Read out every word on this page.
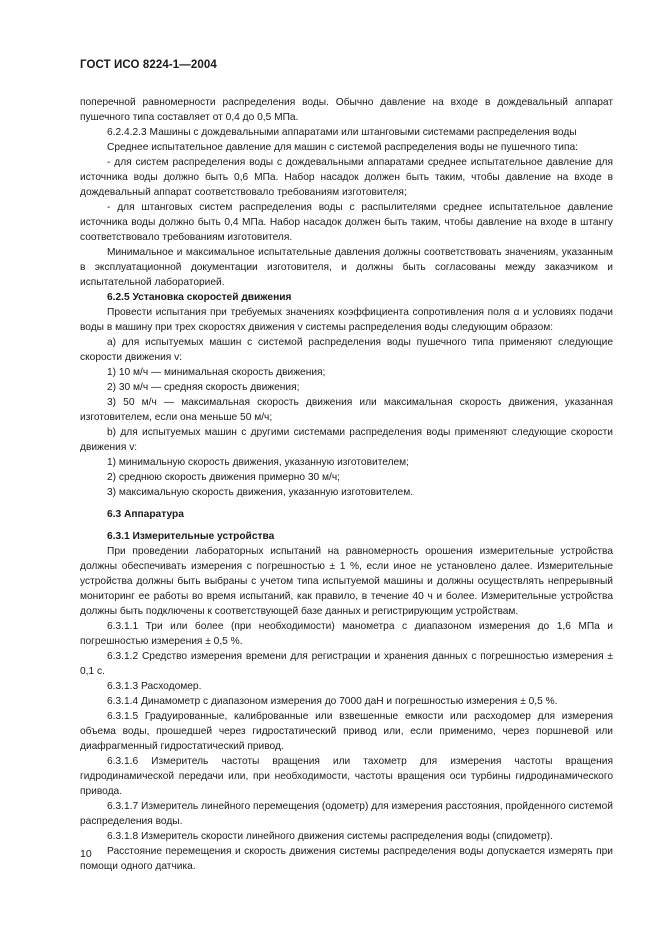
ГОСТ ИСО 8224-1—2004

поперечной равномерности распределения воды. Обычно давление на входе в дождевальный аппарат пушечного типа составляет от 0,4 до 0,5 МПа.

6.2.4.2.3 Машины с дождевальными аппаратами или штанговыми системами распределения воды

Среднее испытательное давление для машин с системой распределения воды не пушечного типа:

- для систем распределения воды с дождевальными аппаратами среднее испытательное давление для источника воды должно быть 0,6 МПа. Набор насадок должен быть таким, чтобы давление на входе в дождевальный аппарат соответствовало требованиям изготовителя;

- для штанговых систем распределения воды с распылителями среднее испытательное давление источника воды должно быть 0,4 МПа. Набор насадок должен быть таким, чтобы давление на входе в штангу соответствовало требованиям изготовителя.

Минимальное и максимальное испытательные давления должны соответствовать значениям, указанным в эксплуатационной документации изготовителя, и должны быть согласованы между заказчиком и испытательной лабораторией.

6.2.5 Установка скоростей движения

Провести испытания при требуемых значениях коэффициента сопротивления поля α и условиях подачи воды в машину при трех скоростях движения v системы распределения воды следующим образом:

a) для испытуемых машин с системой распределения воды пушечного типа применяют следующие скорости движения v:

1) 10 м/ч — минимальная скорость движения;

2) 30 м/ч — средняя скорость движения;

3) 50 м/ч — максимальная скорость движения или максимальная скорость движения, указанная изготовителем, если она меньше 50 м/ч;

b) для испытуемых машин с другими системами распределения воды применяют следующие скорости движения v:

1) минимальную скорость движения, указанную изготовителем;

2) среднюю скорость движения примерно 30 м/ч;

3) максимальную скорость движения, указанную изготовителем.

6.3 Аппаратура

6.3.1 Измерительные устройства

При проведении лабораторных испытаний на равномерность орошения измерительные устройства должны обеспечивать измерения с погрешностью ± 1 %, если иное не установлено далее. Измерительные устройства должны быть выбраны с учетом типа испытуемой машины и должны осуществлять непрерывный мониторинг ее работы во время испытаний, как правило, в течение 40 ч и более. Измерительные устройства должны быть подключены к соответствующей базе данных и регистрирующим устройствам.

6.3.1.1 Три или более (при необходимости) манометра с диапазоном измерения до 1,6 МПа и погрешностью измерения ± 0,5 %.

6.3.1.2 Средство измерения времени для регистрации и хранения данных с погрешностью измерения ± 0,1 с.

6.3.1.3 Расходомер.

6.3.1.4 Динамометр с диапазоном измерения до 7000 даН и погрешностью измерения ± 0,5 %.

6.3.1.5 Градуированные, калиброванные или взвешенные емкости или расходомер для измерения объема воды, прошедшей через гидростатический привод или, если применимо, через поршневой или диафрагменный гидростатический привод.

6.3.1.6 Измеритель частоты вращения или тахометр для измерения частоты вращения гидродинамической передачи или, при необходимости, частоты вращения оси турбины гидродинамического привода.

6.3.1.7 Измеритель линейного перемещения (одометр) для измерения расстояния, пройденного системой распределения воды.

6.3.1.8 Измеритель скорости линейного движения системы распределения воды (спидометр).

Расстояние перемещения и скорость движения системы распределения воды допускается измерять при помощи одного датчика.

10
